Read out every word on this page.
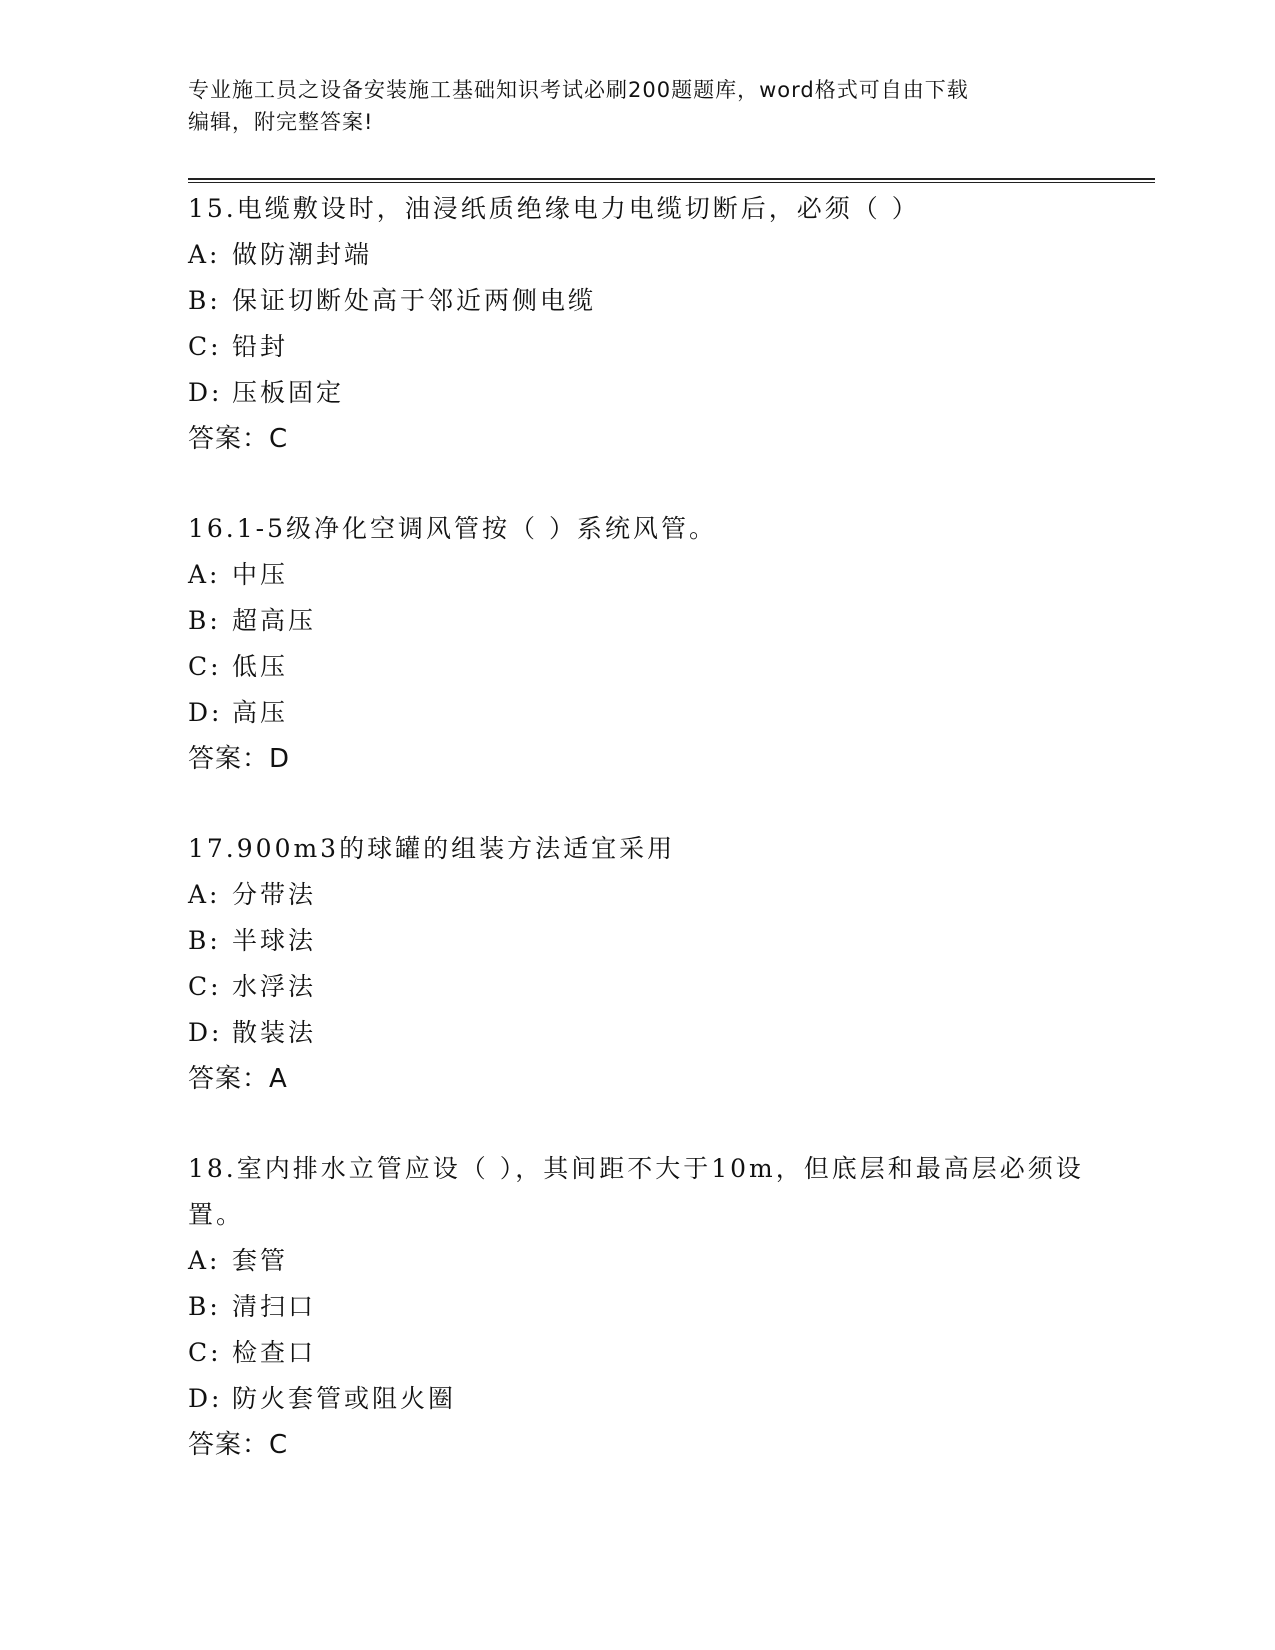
专业施工员之设备安装施工基础知识考试必刷200题题库，word格式可自由下载
编辑，附完整答案!
15.电缆敷设时，油浸纸质绝缘电力电缆切断后，必须（ ）
A: 做防潮封端
B: 保证切断处高于邻近两侧电缆
C: 铅封
D: 压板固定
答案：C
16.1-5级净化空调风管按（ ）系统风管。
A: 中压
B: 超高压
C: 低压
D: 高压
答案：D
17.900m3的球罐的组装方法适宜采用
A: 分带法
B: 半球法
C: 水浮法
D: 散装法
答案：A
18.室内排水立管应设（ ），其间距不大于10m，但底层和最高层必须设置。
A: 套管
B: 清扫口
C: 检查口
D: 防火套管或阻火圈
答案：C
